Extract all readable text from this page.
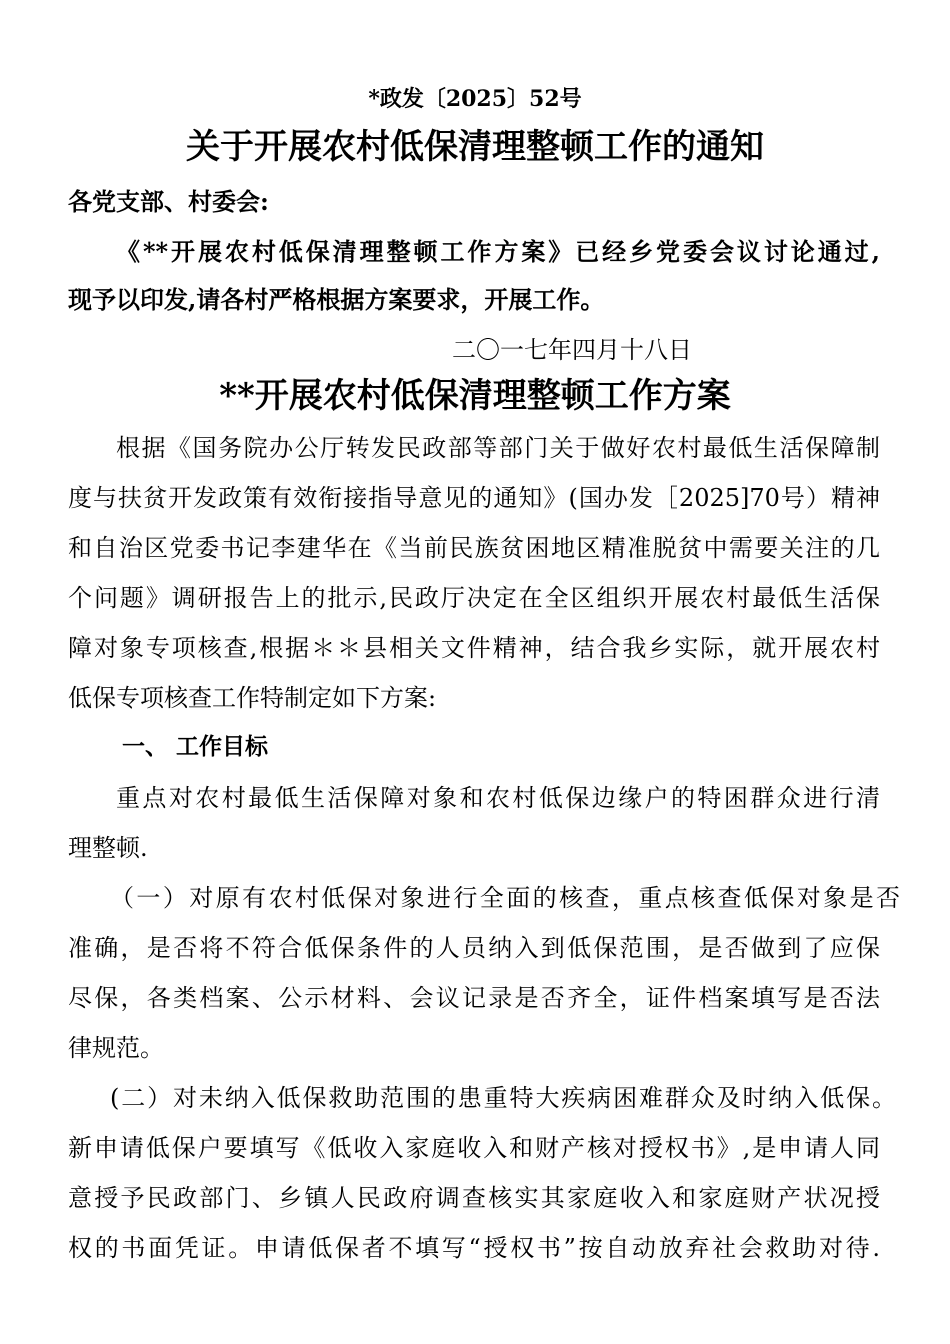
*政发〔2025〕52号
关于开展农村低保清理整顿工作的通知
各党支部、村委会:
《**开展农村低保清理整顿工作方案》已经乡党委会议讨论通过,
现予以印发,请各村严格根据方案要求，开展工作。
二〇一七年四月十八日
**开展农村低保清理整顿工作方案
根据《国务院办公厅转发民政部等部门关于做好农村最低生活保障制
度与扶贫开发政策有效衔接指导意见的通知》(国办发［2025]70号）精神
和自治区党委书记李建华在《当前民族贫困地区精准脱贫中需要关注的几
个问题》调研报告上的批示,民政厅决定在全区组织开展农村最低生活保
障对象专项核查,根据＊＊县相关文件精神，结合我乡实际，就开展农村
低保专项核查工作特制定如下方案:
一、 工作目标
重点对农村最低生活保障对象和农村低保边缘户的特困群众进行清
理整顿.
（一）对原有农村低保对象进行全面的核查，重点核查低保对象是否
准确，是否将不符合低保条件的人员纳入到低保范围，是否做到了应保
尽保，各类档案、公示材料、会议记录是否齐全，证件档案填写是否法
律规范。
(二）对未纳入低保救助范围的患重特大疾病困难群众及时纳入低保。
新申请低保户要填写《低收入家庭收入和财产核对授权书》,是申请人同
意授予民政部门、乡镇人民政府调查核实其家庭收入和家庭财产状况授
权的书面凭证。申请低保者不填写“授权书”按自动放弃社会救助对待.
